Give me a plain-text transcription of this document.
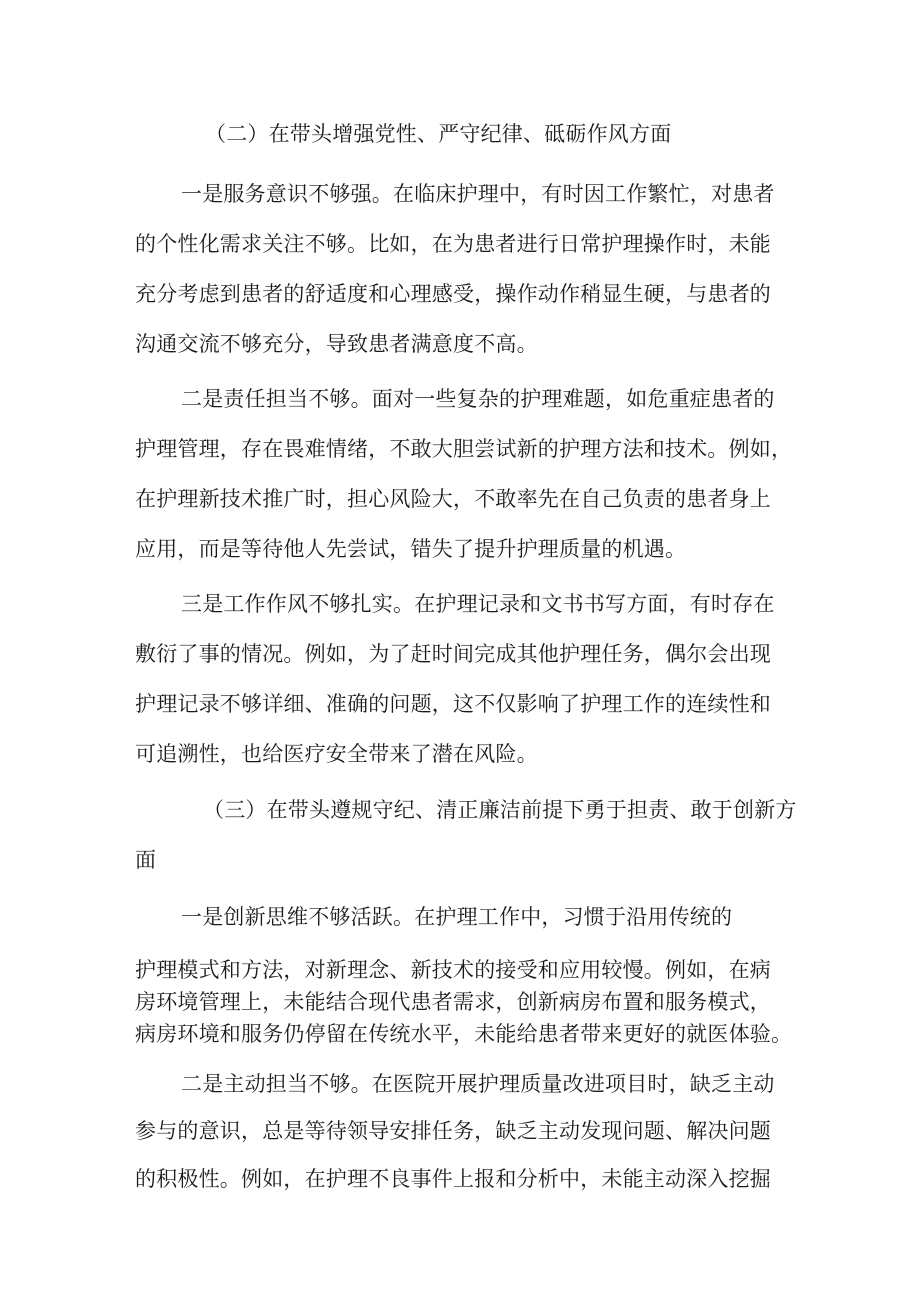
（二）在带头增强党性、严守纪律、砥砺作风方面
一是服务意识不够强。在临床护理中，有时因工作繁忙，对患者
的个性化需求关注不够。比如，在为患者进行日常护理操作时，未能
充分考虑到患者的舒适度和心理感受，操作动作稍显生硬，与患者的
沟通交流不够充分，导致患者满意度不高。
二是责任担当不够。面对一些复杂的护理难题，如危重症患者的
护理管理，存在畏难情绪，不敢大胆尝试新的护理方法和技术。例如，
在护理新技术推广时，担心风险大，不敢率先在自己负责的患者身上
应用，而是等待他人先尝试，错失了提升护理质量的机遇。
三是工作作风不够扎实。在护理记录和文书书写方面，有时存在
敷衍了事的情况。例如，为了赶时间完成其他护理任务，偶尔会出现
护理记录不够详细、准确的问题，这不仅影响了护理工作的连续性和
可追溯性，也给医疗安全带来了潜在风险。
（三）在带头遵规守纪、清正廉洁前提下勇于担责、敢于创新方
面
一是创新思维不够活跃。在护理工作中，习惯于沿用传统的
护理模式和方法，对新理念、新技术的接受和应用较慢。例如，在病
房环境管理上，未能结合现代患者需求，创新病房布置和服务模式，
病房环境和服务仍停留在传统水平，未能给患者带来更好的就医体验。
二是主动担当不够。在医院开展护理质量改进项目时，缺乏主动
参与的意识，总是等待领导安排任务，缺乏主动发现问题、解决问题
的积极性。例如，在护理不良事件上报和分析中，未能主动深入挖掘
